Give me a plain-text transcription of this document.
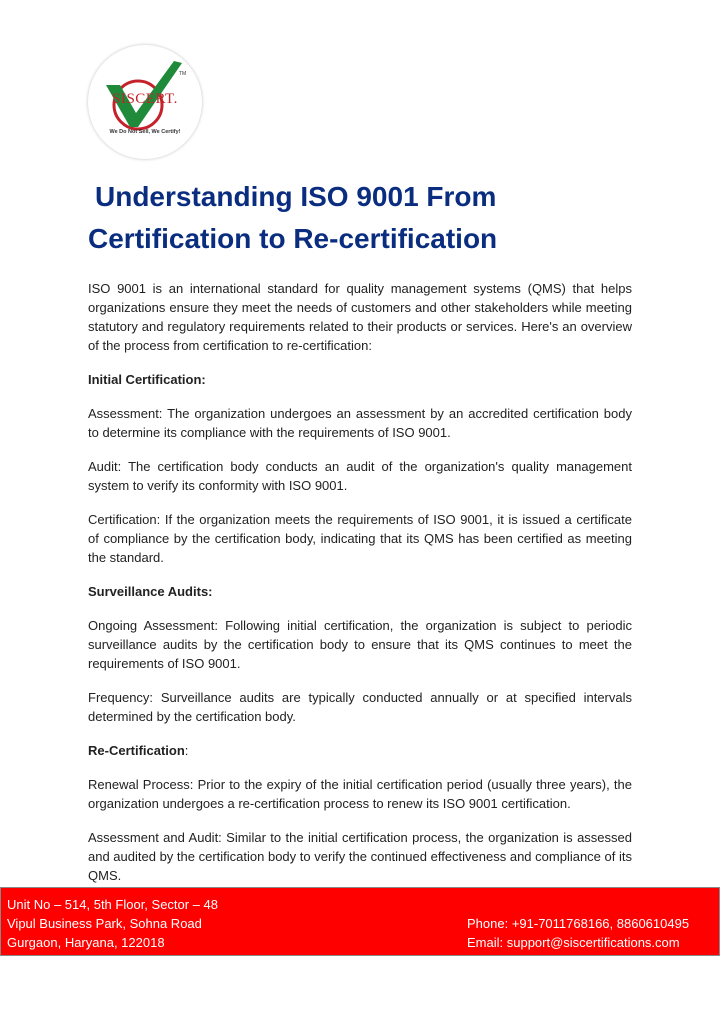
SISCERT.
TM
We Do Not Sell, We Certify!
Understanding ISO 9001 From
Certification to Re-certification

ISO 9001 is an international standard for quality management systems (QMS) that helps organizations ensure they meet the needs of customers and other stakeholders while meeting statutory and regulatory requirements related to their products or services. Here's an overview of the process from certification to re-certification:

Initial Certification:

Assessment: The organization undergoes an assessment by an accredited certification body to determine its compliance with the requirements of ISO 9001.

Audit: The certification body conducts an audit of the organization's quality management system to verify its conformity with ISO 9001.

Certification: If the organization meets the requirements of ISO 9001, it is issued a certificate of compliance by the certification body, indicating that its QMS has been certified as meeting the standard.

Surveillance Audits:

Ongoing Assessment: Following initial certification, the organization is subject to periodic surveillance audits by the certification body to ensure that its QMS continues to meet the requirements of ISO 9001.

Frequency: Surveillance audits are typically conducted annually or at specified intervals determined by the certification body.

Re-Certification:

Renewal Process: Prior to the expiry of the initial certification period (usually three years), the organization undergoes a re-certification process to renew its ISO 9001 certification.

Assessment and Audit: Similar to the initial certification process, the organization is assessed and audited by the certification body to verify the continued effectiveness and compliance of its QMS.

Unit No – 514, 5th Floor, Sector – 48
Vipul Business Park, Sohna Road
Gurgaon, Haryana, 122018
Phone: +91-7011768166, 8860610495
Email: support@siscertifications.com
